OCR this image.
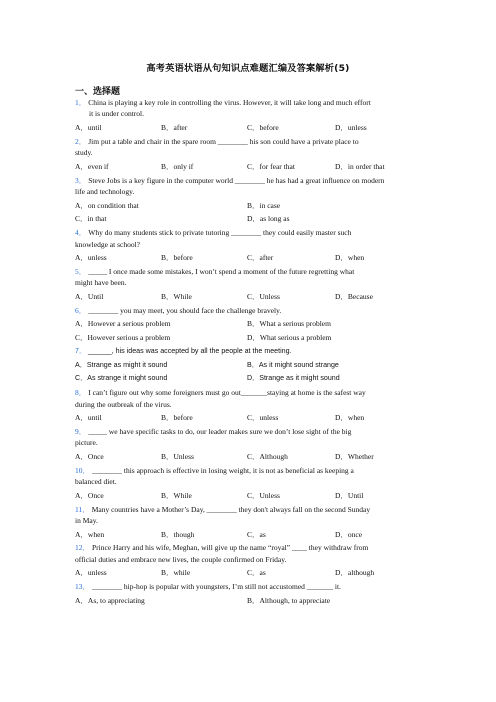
高考英语状语从句知识点难题汇编及答案解析(5)
一、选择题
1． China is playing a key role in controlling the virus. However, it will take long and much effort
it is under control.
A．until	B．after	C．before	D．unless
2． Jim put a table and chair in the spare room ________ his son could have a private place to
study.
A．even if	B．only if	C．for fear that	D．in order that
3． Steve Jobs is a key figure in the computer world ________ he has had a great influence on modern
life and technology.
A．on condition that	B．in case
C．in that	D．as long as
4． Why do many students stick to private tutoring ________ they could easily master such
knowledge at school?
A．unless	B．before	C．after	D．when
5． _____ I once made some mistakes, I won’t spend a moment of the future regretting what
might have been.
A．Until	B．While	C．Unless	D．Because
6． ________ you may meet, you should face the challenge bravely.
A．However a serious problem	B．What a serious problem
C．However serious a problem	D．What serious a problem
7． ______, his ideas was accepted by all the people at the meeting.
A．Strange as might it sound	B．As it might sound strange
C．As strange it might sound	D．Strange as it might sound
8． I can’t figure out why some foreigners must go out_______staying at home is the safest way
during the outbreak of the virus.
A．until	B．before	C．unless	D．when
9． _____ we have specific tasks to do, our leader makes sure we don’t lose sight of the big
picture.
A．Once	B．Unless	C．Although	D．Whether
10． ________ this approach is effective in losing weight, it is not as beneficial as keeping a
balanced diet.
A．Once	B．While	C．Unless	D．Until
11． Many countries have a Mother’s Day, ________ they don't always fall on the second Sunday
in May.
A．when	B．though	C．as	D．once
12． Prince Harry and his wife, Meghan, will give up the name “royal” ____ they withdraw from
official duties and embrace new lives, the couple confirmed on Friday.
A．unless	B．while	C．as	D．although
13． ________ hip-hop is popular with youngsters, I’m still not accustomed _______ it.
A．As, to appreciating	B．Although, to appreciate
